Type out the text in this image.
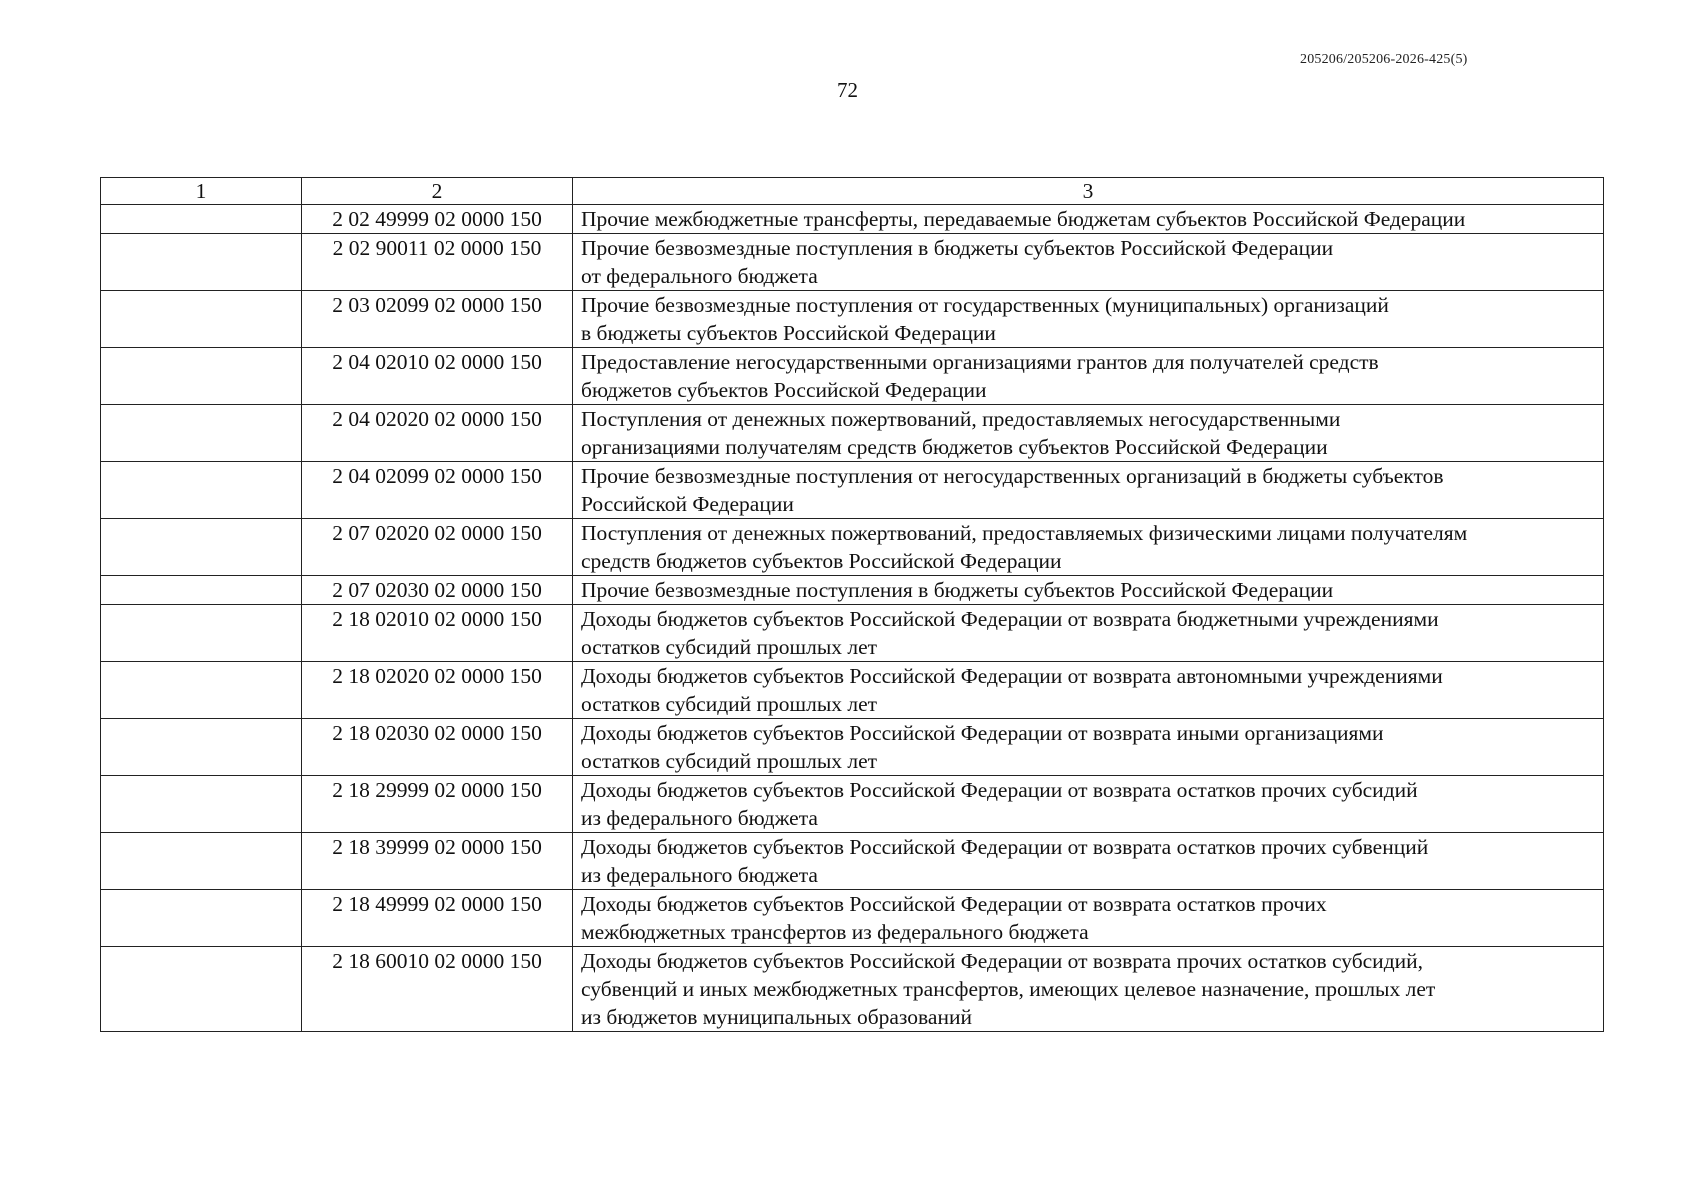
205206/205206-2026-425(5)
72
1	2	3
	2 02 49999 02 0000 150	Прочие межбюджетные трансферты, передаваемые бюджетам субъектов Российской Федерации
	2 02 90011 02 0000 150	Прочие безвозмездные поступления в бюджеты субъектов Российской Федерации
от федерального бюджета
	2 03 02099 02 0000 150	Прочие безвозмездные поступления от государственных (муниципальных) организаций
в бюджеты субъектов Российской Федерации
	2 04 02010 02 0000 150	Предоставление негосударственными организациями грантов для получателей средств
бюджетов субъектов Российской Федерации
	2 04 02020 02 0000 150	Поступления от денежных пожертвований, предоставляемых негосударственными
организациями получателям средств бюджетов субъектов Российской Федерации
	2 04 02099 02 0000 150	Прочие безвозмездные поступления от негосударственных организаций в бюджеты субъектов
Российской Федерации
	2 07 02020 02 0000 150	Поступления от денежных пожертвований, предоставляемых физическими лицами получателям
средств бюджетов субъектов Российской Федерации
	2 07 02030 02 0000 150	Прочие безвозмездные поступления в бюджеты субъектов Российской Федерации
	2 18 02010 02 0000 150	Доходы бюджетов субъектов Российской Федерации от возврата бюджетными учреждениями
остатков субсидий прошлых лет
	2 18 02020 02 0000 150	Доходы бюджетов субъектов Российской Федерации от возврата автономными учреждениями
остатков субсидий прошлых лет
	2 18 02030 02 0000 150	Доходы бюджетов субъектов Российской Федерации от возврата иными организациями
остатков субсидий прошлых лет
	2 18 29999 02 0000 150	Доходы бюджетов субъектов Российской Федерации от возврата остатков прочих субсидий
из федерального бюджета
	2 18 39999 02 0000 150	Доходы бюджетов субъектов Российской Федерации от возврата остатков прочих субвенций
из федерального бюджета
	2 18 49999 02 0000 150	Доходы бюджетов субъектов Российской Федерации от возврата остатков прочих
межбюджетных трансфертов из федерального бюджета
	2 18 60010 02 0000 150	Доходы бюджетов субъектов Российской Федерации от возврата прочих остатков субсидий,
субвенций и иных межбюджетных трансфертов, имеющих целевое назначение, прошлых лет
из бюджетов муниципальных образований
